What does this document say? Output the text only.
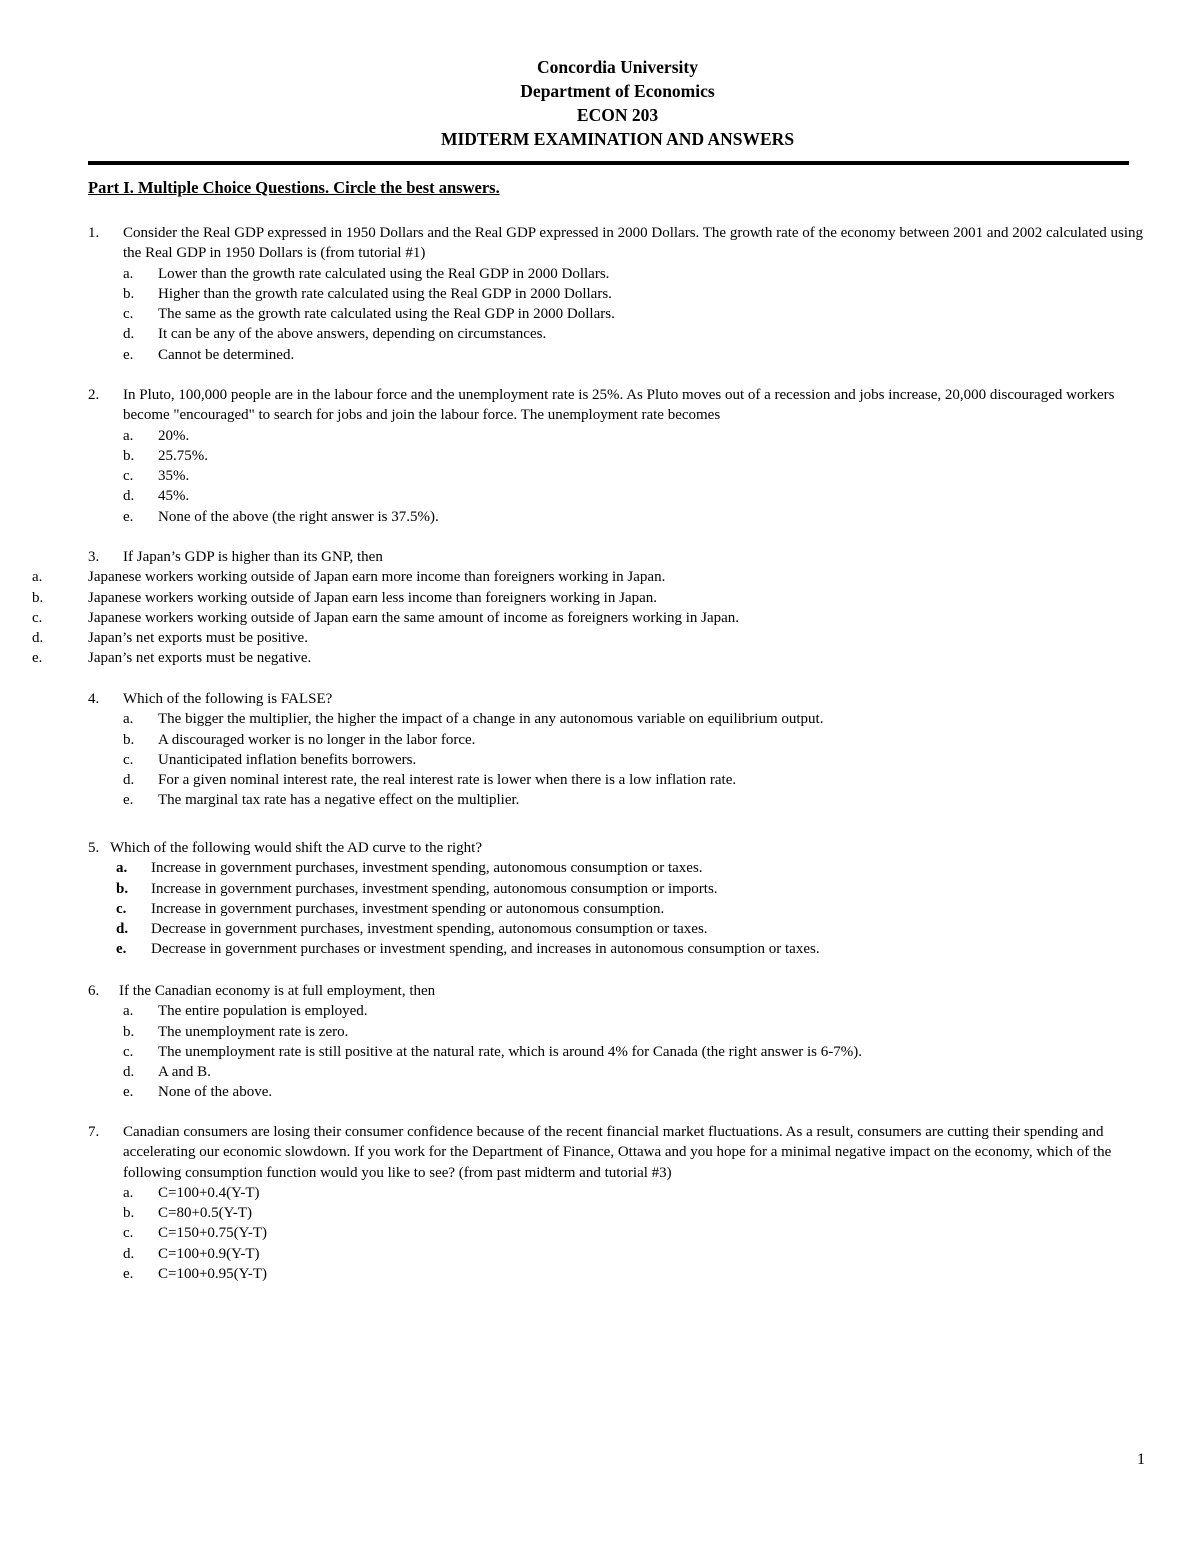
Concordia University
Department of Economics
ECON 203
MIDTERM EXAMINATION AND ANSWERS
Part I. Multiple Choice Questions. Circle the best answers.
1. Consider the Real GDP expressed in 1950 Dollars and the Real GDP expressed in 2000 Dollars. The growth rate of the economy between 2001 and 2002 calculated using the Real GDP in 1950 Dollars is (from tutorial #1)
a. Lower than the growth rate calculated using the Real GDP in 2000 Dollars.
b. Higher than the growth rate calculated using the Real GDP in 2000 Dollars.
c. The same as the growth rate calculated using the Real GDP in 2000 Dollars.
d. It can be any of the above answers, depending on circumstances.
e. Cannot be determined.
2. In Pluto, 100,000 people are in the labour force and the unemployment rate is 25%. As Pluto moves out of a recession and jobs increase, 20,000 discouraged workers become "encouraged" to search for jobs and join the labour force. The unemployment rate becomes
a. 20%.
b. 25.75%.
c. 35%.
d. 45%.
e. None of the above (the right answer is 37.5%).
3. If Japan’s GDP is higher than its GNP, then
a.	Japanese workers working outside of Japan earn more income than foreigners working in Japan.
b.	Japanese workers working outside of Japan earn less income than foreigners working in Japan.
c.	Japanese workers working outside of Japan earn the same amount of income as foreigners working in Japan.
d.	Japan’s net exports must be positive.
e.	Japan’s net exports must be negative.
4. Which of the following is FALSE?
a. The bigger the multiplier, the higher the impact of a change in any autonomous variable on equilibrium output.
b. A discouraged worker is no longer in the labor force.
c. Unanticipated inflation benefits borrowers.
d. For a given nominal interest rate, the real interest rate is lower when there is a low inflation rate.
e. The marginal tax rate has a negative effect on the multiplier.
5. Which of the following would shift the AD curve to the right?
a. Increase in government purchases, investment spending, autonomous consumption or taxes.
b. Increase in government purchases, investment spending, autonomous consumption or imports.
c. Increase in government purchases, investment spending or autonomous consumption.
d. Decrease in government purchases, investment spending, autonomous consumption or taxes.
e. Decrease in government purchases or investment spending, and increases in autonomous consumption or taxes.
6. If the Canadian economy is at full employment, then
a. The entire population is employed.
b. The unemployment rate is zero.
c. The unemployment rate is still positive at the natural rate, which is around 4% for Canada (the right answer is 6-7%).
d. A and B.
e. None of the above.
7. Canadian consumers are losing their consumer confidence because of the recent financial market fluctuations. As a result, consumers are cutting their spending and accelerating our economic slowdown. If you work for the Department of Finance, Ottawa and you hope for a minimal negative impact on the economy, which of the following consumption function would you like to see? (from past midterm and tutorial #3)
a. C=100+0.4(Y-T)
b. C=80+0.5(Y-T)
c. C=150+0.75(Y-T)
d. C=100+0.9(Y-T)
e. C=100+0.95(Y-T)
1
